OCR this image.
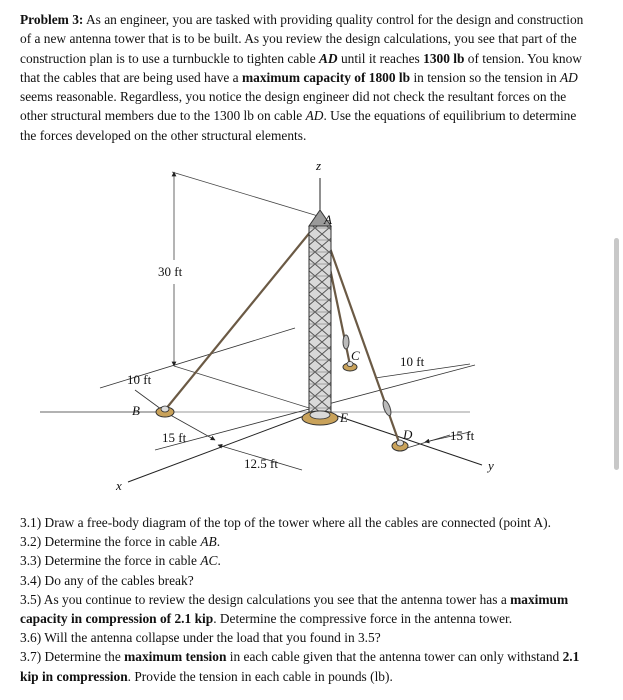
Problem 3: As an engineer, you are tasked with providing quality control for the design and construction of a new antenna tower that is to be built. As you review the design calculations, you see that part of the construction plan is to use a turnbuckle to tighten cable AD until it reaches 1300 lb of tension. You know that the cables that are being used have a maximum capacity of 1800 lb in tension so the tension in AD seems reasonable. Regardless, you notice the design engineer did not check the resultant forces on the other structural members due to the 1300 lb on cable AD. Use the equations of equilibrium to determine the forces developed on the other structural elements.

z
A
B
C
D
E
x
y
30 ft
10 ft
15 ft
12.5 ft
10 ft
15 ft

3.1) Draw a free-body diagram of the top of the tower where all the cables are connected (point A).

3.2) Determine the force in cable AB.

3.3) Determine the force in cable AC.

3.4) Do any of the cables break?

3.5) As you continue to review the design calculations you see that the antenna tower has a maximum capacity in compression of 2.1 kip. Determine the compressive force in the antenna tower.

3.6) Will the antenna collapse under the load that you found in 3.5?

3.7) Determine the maximum tension in each cable given that the antenna tower can only withstand 2.1 kip in compression. Provide the tension in each cable in pounds (lb).
